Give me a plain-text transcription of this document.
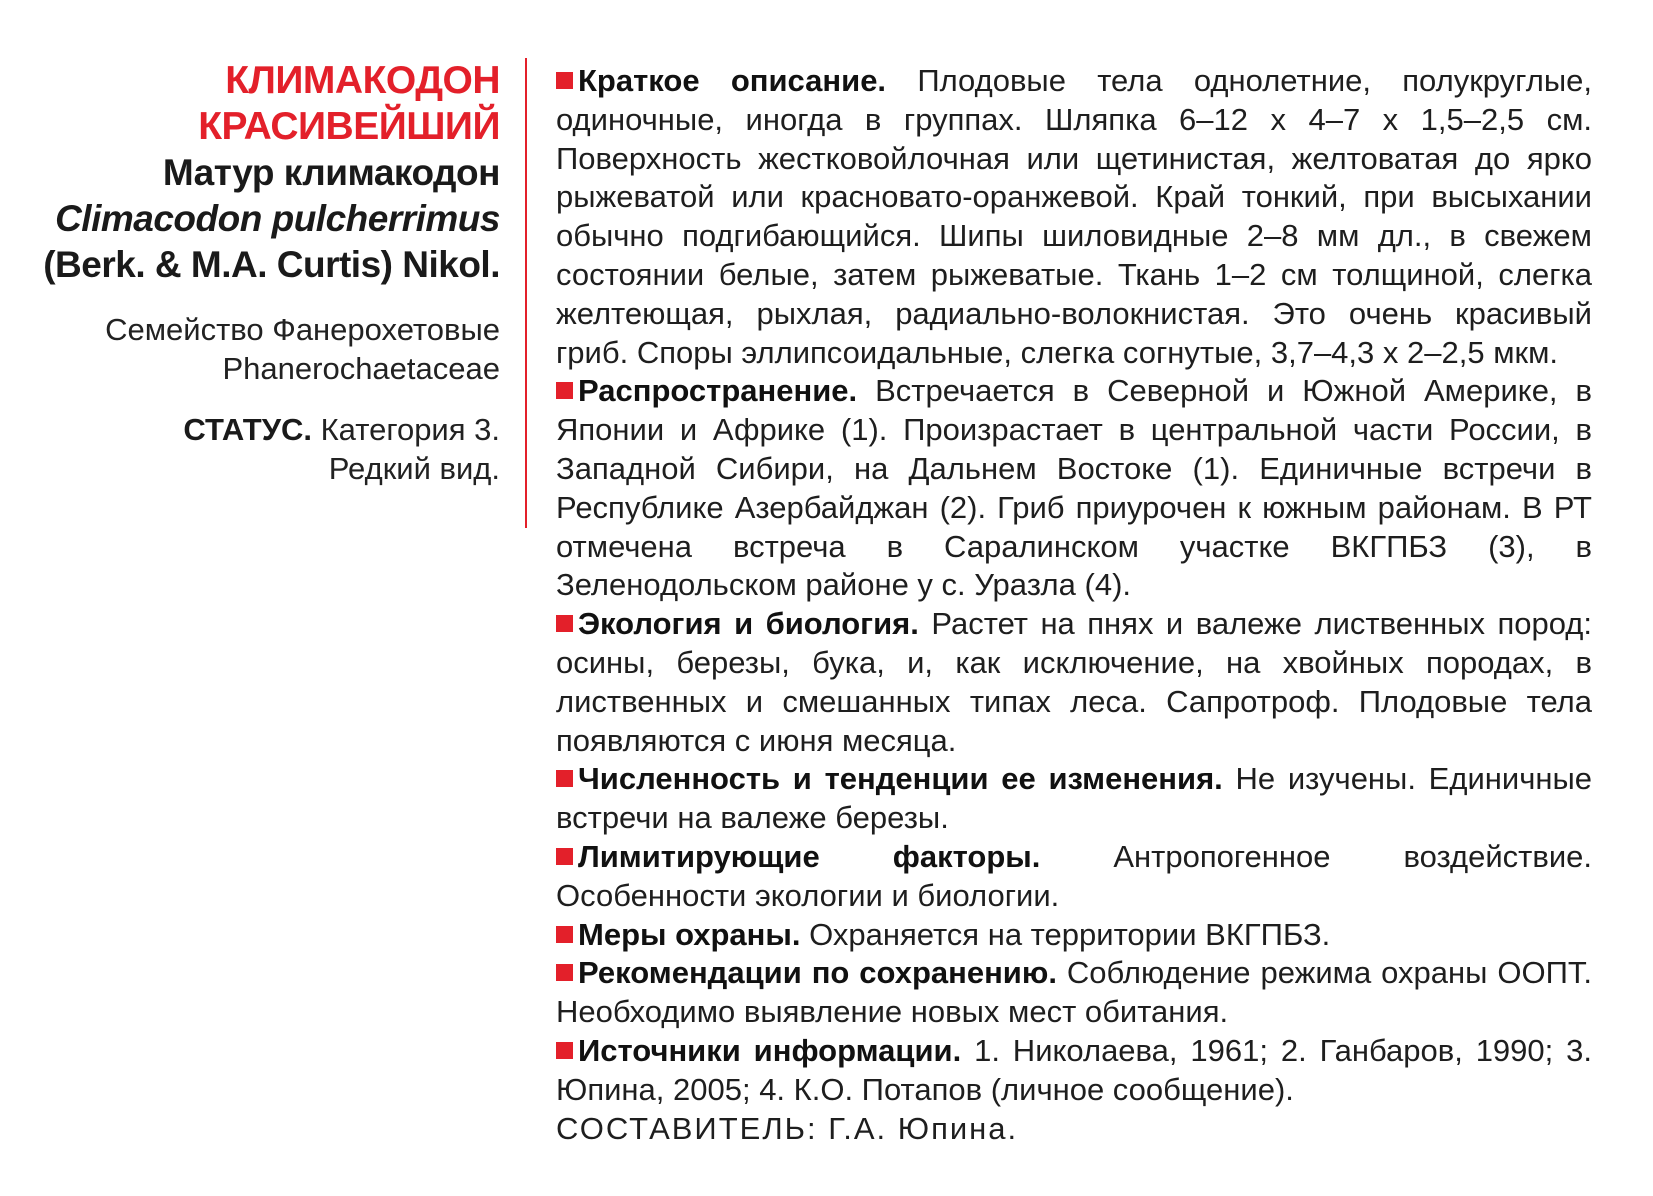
КЛИМАКОДОН
КРАСИВЕЙШИЙ
Матур климакодон
Climacodon pulcherrimus
(Berk. & M.A. Curtis) Nikol.
Семейство Фанерохетовые
Phanerochaetaceae
СТАТУС. Категория 3.
Редкий вид.

Краткое описание. Плодовые тела однолетние, полукруглые, одиночные, иногда в группах. Шляпка 6–12 х 4–7 х 1,5–2,5 см. Поверхность жестковойлочная или щетинистая, желтоватая до ярко рыжеватой или красновато-оранжевой. Край тонкий, при высыхании обычно подгибающийся. Шипы шиловидные 2–8 мм дл., в свежем состоянии белые, затем рыжеватые. Ткань 1–2 см толщиной, слегка желтеющая, рыхлая, радиально-волокнистая. Это очень красивый гриб. Споры эллипсоидальные, слегка согнутые, 3,7–4,3 х 2–2,5 мкм.

Распространение. Встречается в Северной и Южной Америке, в Японии и Африке (1). Произрастает в центральной части России, в Западной Сибири, на Дальнем Востоке (1). Единичные встречи в Республике Азербайджан (2). Гриб приурочен к южным районам. В РТ отмечена встреча в Саралинском участке ВКГПБЗ (3), в Зеленодольском районе у с. Уразла (4).

Экология и биология. Растет на пнях и валеже лиственных пород: осины, березы, бука, и, как исключение, на хвойных породах, в лиственных и смешанных типах леса. Сапротроф. Плодовые тела появляются с июня месяца.

Численность и тенденции ее изменения. Не изучены. Единичные встречи на валеже березы.

Лимитирующие факторы. Антропогенное воздействие. Особенности экологии и биологии.

Меры охраны. Охраняется на территории ВКГПБЗ.

Рекомендации по сохранению. Соблюдение режима охраны ООПТ. Необходимо выявление новых мест обитания.

Источники информации. 1. Николаева, 1961; 2. Ганбаров, 1990; 3. Юпина, 2005; 4. К.О. Потапов (личное сообщение).

СОСТАВИТЕЛЬ: Г.А. Юпина.
